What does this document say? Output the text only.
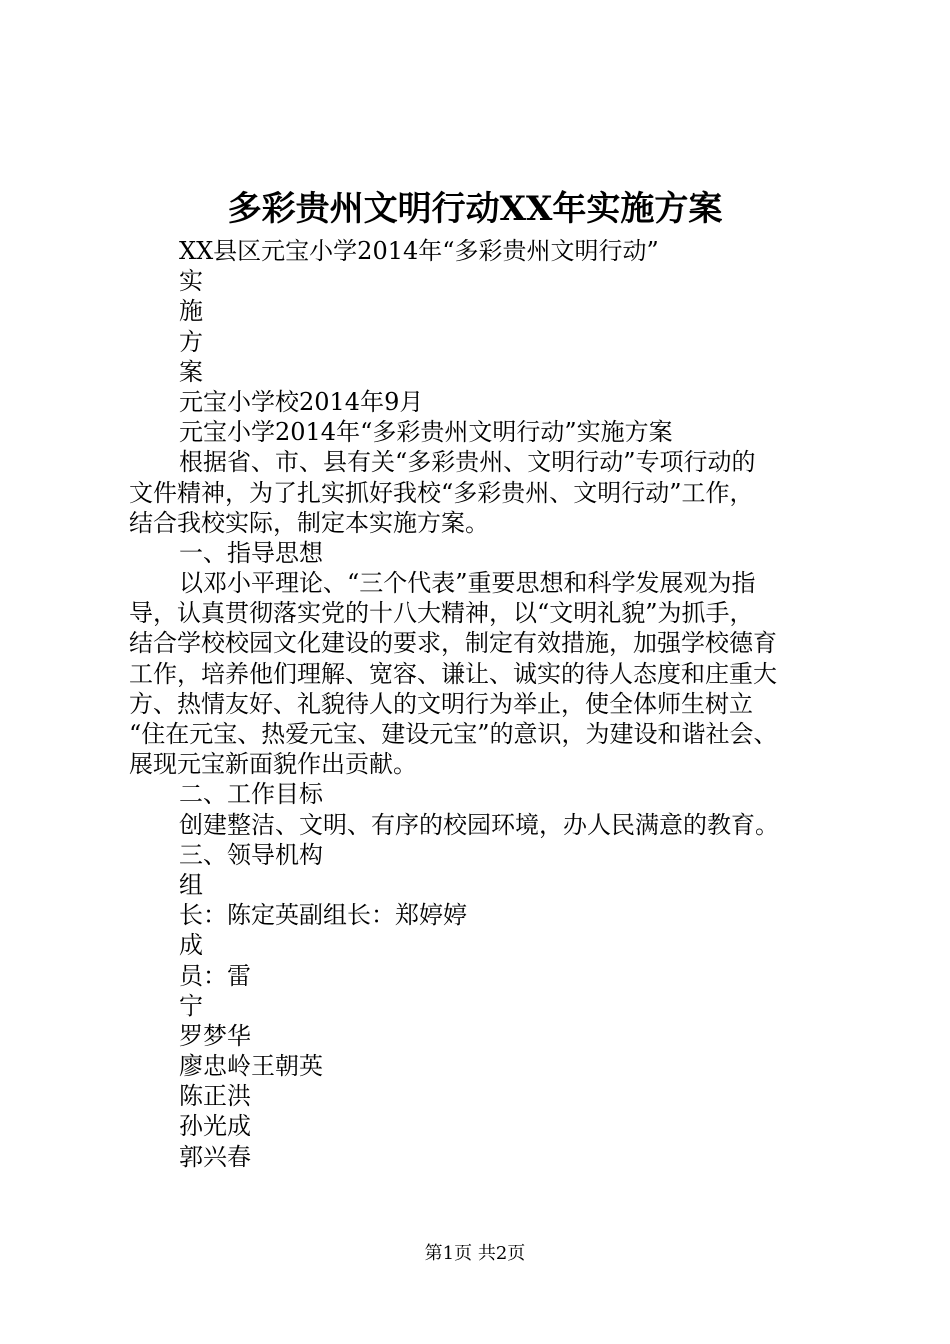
多彩贵州文明行动XX年实施方案
XX县区元宝小学2014年“多彩贵州文明行动”
实
施
方
案
元宝小学校2014年9月
元宝小学2014年“多彩贵州文明行动”实施方案
根据省、市、县有关“多彩贵州、文明行动”专项行动的
文件精神，为了扎实抓好我校“多彩贵州、文明行动”工作，
结合我校实际，制定本实施方案。
一、指导思想
以邓小平理论、“三个代表”重要思想和科学发展观为指
导，认真贯彻落实党的十八大精神，以“文明礼貌”为抓手，
结合学校校园文化建设的要求，制定有效措施，加强学校德育
工作，培养他们理解、宽容、谦让、诚实的待人态度和庄重大
方、热情友好、礼貌待人的文明行为举止，使全体师生树立
“住在元宝、热爱元宝、建设元宝”的意识，为建设和谐社会、
展现元宝新面貌作出贡献。
二、工作目标
创建整洁、文明、有序的校园环境，办人民满意的教育。
三、领导机构
组
长：陈定英副组长：郑婷婷
成
员：雷
宁
罗梦华
廖忠岭王朝英
陈正洪
孙光成
郭兴春
第1页 共2页
